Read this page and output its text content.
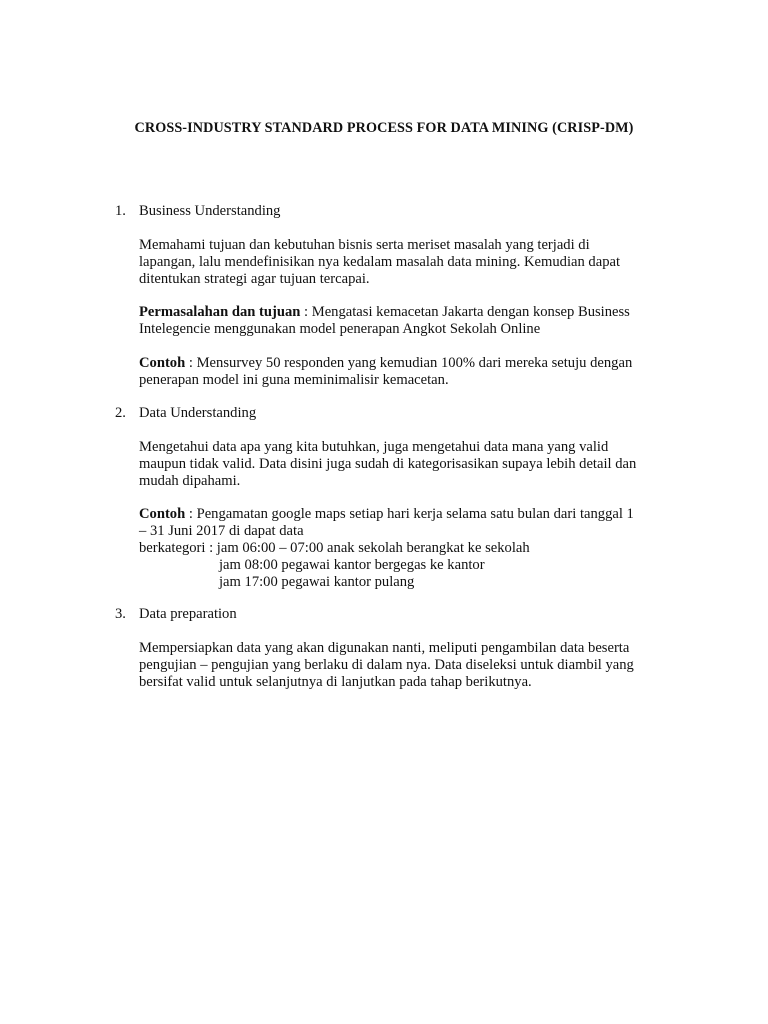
CROSS-INDUSTRY STANDARD PROCESS FOR DATA MINING (CRISP-DM)
1. Business Understanding
Memahami tujuan dan kebutuhan bisnis serta meriset masalah yang terjadi di
lapangan, lalu mendefinisikan nya kedalam masalah data mining. Kemudian dapat
ditentukan strategi agar tujuan tercapai.
Permasalahan dan tujuan : Mengatasi kemacetan Jakarta dengan konsep Business
Intelegencie menggunakan model penerapan Angkot Sekolah Online
Contoh : Mensurvey 50 responden yang kemudian 100% dari mereka setuju dengan
penerapan model ini guna meminimalisir kemacetan.
2. Data Understanding
Mengetahui data apa yang kita butuhkan, juga mengetahui data mana yang valid
maupun tidak valid. Data disini juga sudah di kategorisasikan supaya lebih detail dan
mudah dipahami.
Contoh : Pengamatan google maps setiap hari kerja selama satu bulan dari tanggal 1
– 31 Juni 2017 di dapat data
berkategori : jam 06:00 – 07:00 anak sekolah berangkat ke sekolah
jam 08:00 pegawai kantor bergegas ke kantor
jam 17:00 pegawai kantor pulang
3. Data preparation
Mempersiapkan data yang akan digunakan nanti, meliputi pengambilan data beserta
pengujian – pengujian yang berlaku di dalam nya. Data diseleksi untuk diambil yang
bersifat valid untuk selanjutnya di lanjutkan pada tahap berikutnya.
